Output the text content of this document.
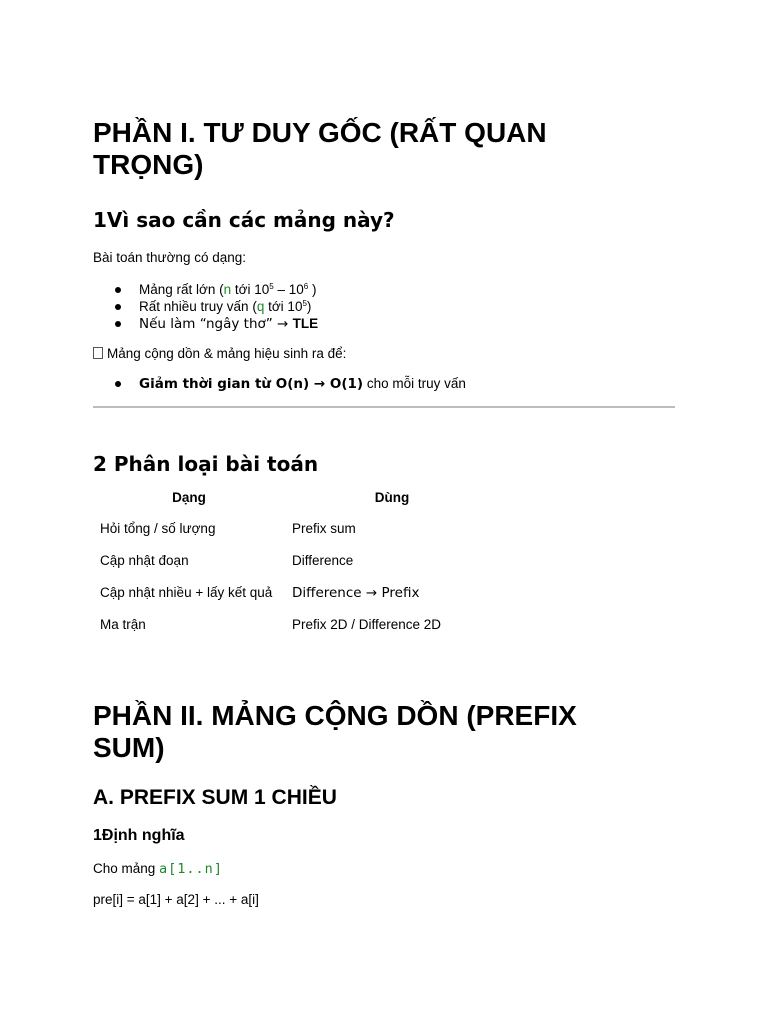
PHẦN I. TƯ DUY GỐC (RẤT QUAN TRỌNG)
1Vì sao cần các mảng này?

Bài toán thường có dạng:

Mảng rất lớn (n tới $10^5 - 10^6$ )
Rất nhiều truy vấn (q tới $10^5$)
Nếu làm “ngây thơ” → TLE

Mảng cộng dồn & mảng hiệu sinh ra để:

Giảm thời gian từ O(n) → O(1) cho mỗi truy vấn
2 Phân loại bài toán
Dạng	Dùng
Hỏi tổng / số lượng	Prefix sum
Cập nhật đoạn	Difference
Cập nhật nhiều + lấy kết quả	Difference → Prefix
Ma trận	Prefix 2D / Difference 2D
PHẦN II. MẢNG CỘNG DỒN (PREFIX SUM)
A. PREFIX SUM 1 CHIỀU
1Định nghĩa

Cho mảng a[1..n]

pre[i] = a[1] + a[2] + ... + a[i]
